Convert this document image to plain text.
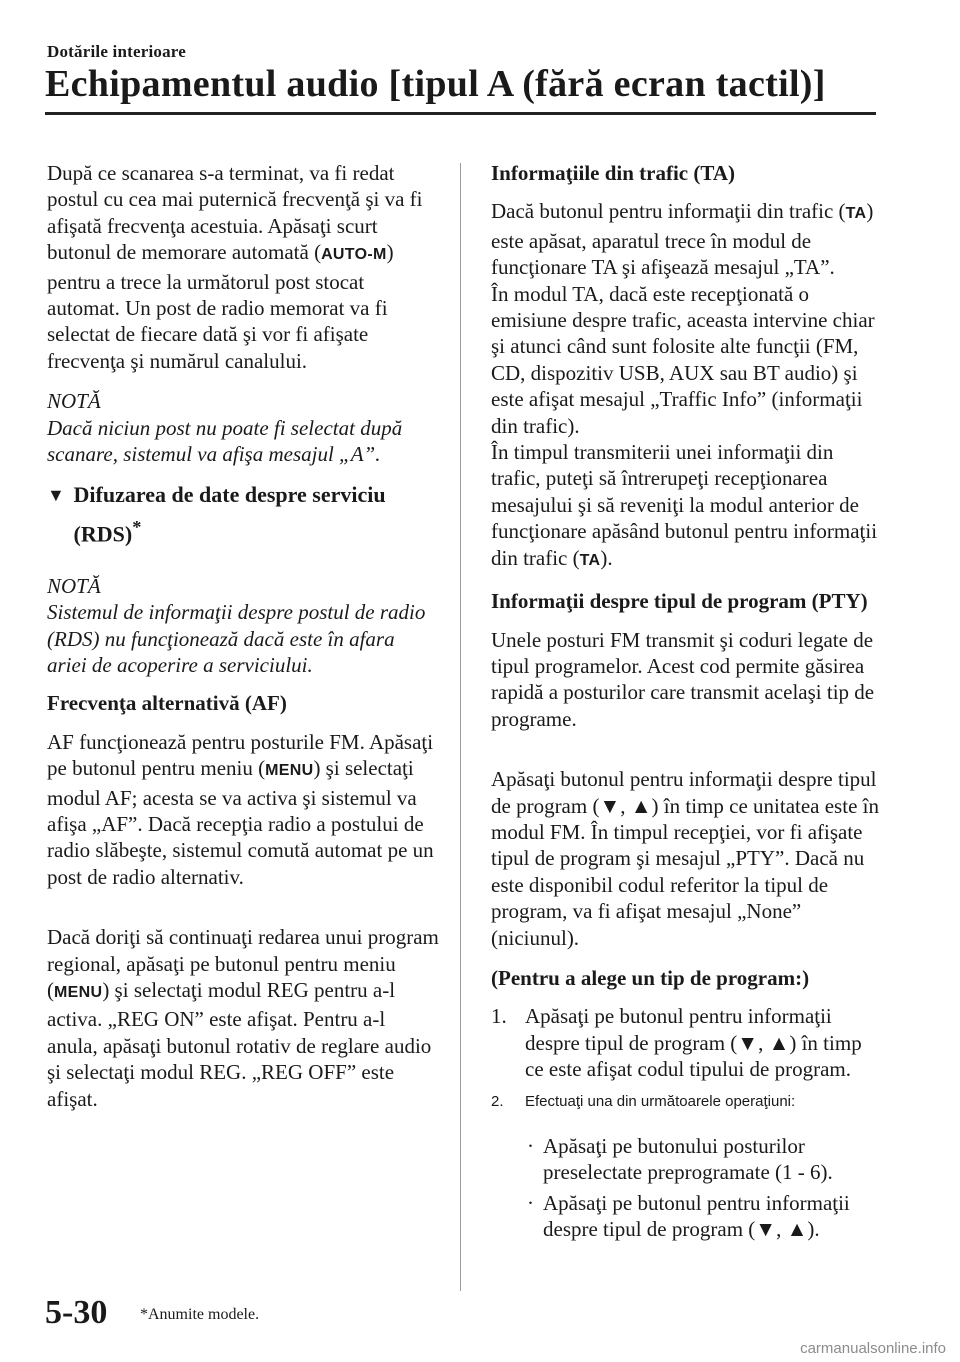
Dotările interioare
Echipamentul audio [tipul A (fără ecran tactil)]

După ce scanarea s-a terminat, va fi redat postul cu cea mai puternică frecvenţă şi va fi afişată frecvenţa acestuia. Apăsaţi scurt butonul de memorare automată (AUTO-M) pentru a trece la următorul post stocat automat. Un post de radio memorat va fi selectat de fiecare dată şi vor fi afişate frecvenţa şi numărul canalului.

NOTĂ
Dacă niciun post nu poate fi selectat după scanare, sistemul va afişa mesajul „A”.
▼ Difuzarea de date despre serviciu (RDS)*
NOTĂ
Sistemul de informaţii despre postul de radio (RDS) nu funcţionează dacă este în afara ariei de acoperire a serviciului.
Frecvenţa alternativă (AF)

AF funcţionează pentru posturile FM. Apăsaţi pe butonul pentru meniu (MENU) şi selectaţi modul AF; acesta se va activa şi sistemul va afişa „AF”. Dacă recepţia radio a postului de radio slăbeşte, sistemul comută automat pe un post de radio alternativ.

Dacă doriţi să continuaţi redarea unui program regional, apăsaţi pe butonul pentru meniu (MENU) şi selectaţi modul REG pentru a-l activa. „REG ON” este afişat. Pentru a-l anula, apăsaţi butonul rotativ de reglare audio şi selectaţi modul REG. „REG OFF” este afişat.

Informaţiile din trafic (TA)

Dacă butonul pentru informaţii din trafic (TA) este apăsat, aparatul trece în modul de funcţionare TA şi afişează mesajul „TA”.

În modul TA, dacă este recepţionată o emisiune despre trafic, aceasta intervine chiar şi atunci când sunt folosite alte funcţii (FM, CD, dispozitiv USB, AUX sau BT audio) şi este afişat mesajul „Traffic Info” (informaţii din trafic).

În timpul transmiterii unei informaţii din trafic, puteţi să întrerupeţi recepţionarea mesajului şi să reveniţi la modul anterior de funcţionare apăsând butonul pentru informaţii din trafic (TA).

Informaţii despre tipul de program (PTY)

Unele posturi FM transmit şi coduri legate de tipul programelor. Acest cod permite găsirea rapidă a posturilor care transmit acelaşi tip de programe.

Apăsaţi butonul pentru informaţii despre tipul de program (▼, ▲) în timp ce unitatea este în modul FM. În timpul recepţiei, vor fi afişate tipul de program şi mesajul „PTY”. Dacă nu este disponibil codul referitor la tipul de program, va fi afişat mesajul „None” (niciunul).

(Pentru a alege un tip de program:)
1. Apăsaţi pe butonul pentru informaţii despre tipul de program (▼, ▲) în timp ce este afişat codul tipului de program.
2.	Efectuaţi una din următoarele operaţiuni:
· Apăsaţi pe butonului posturilor preselectate preprogramate (1 - 6).
· Apăsaţi pe butonul pentru informaţii despre tipul de program (▼, ▲).
5-30 *Anumite modele.
carmanualsonline.info
